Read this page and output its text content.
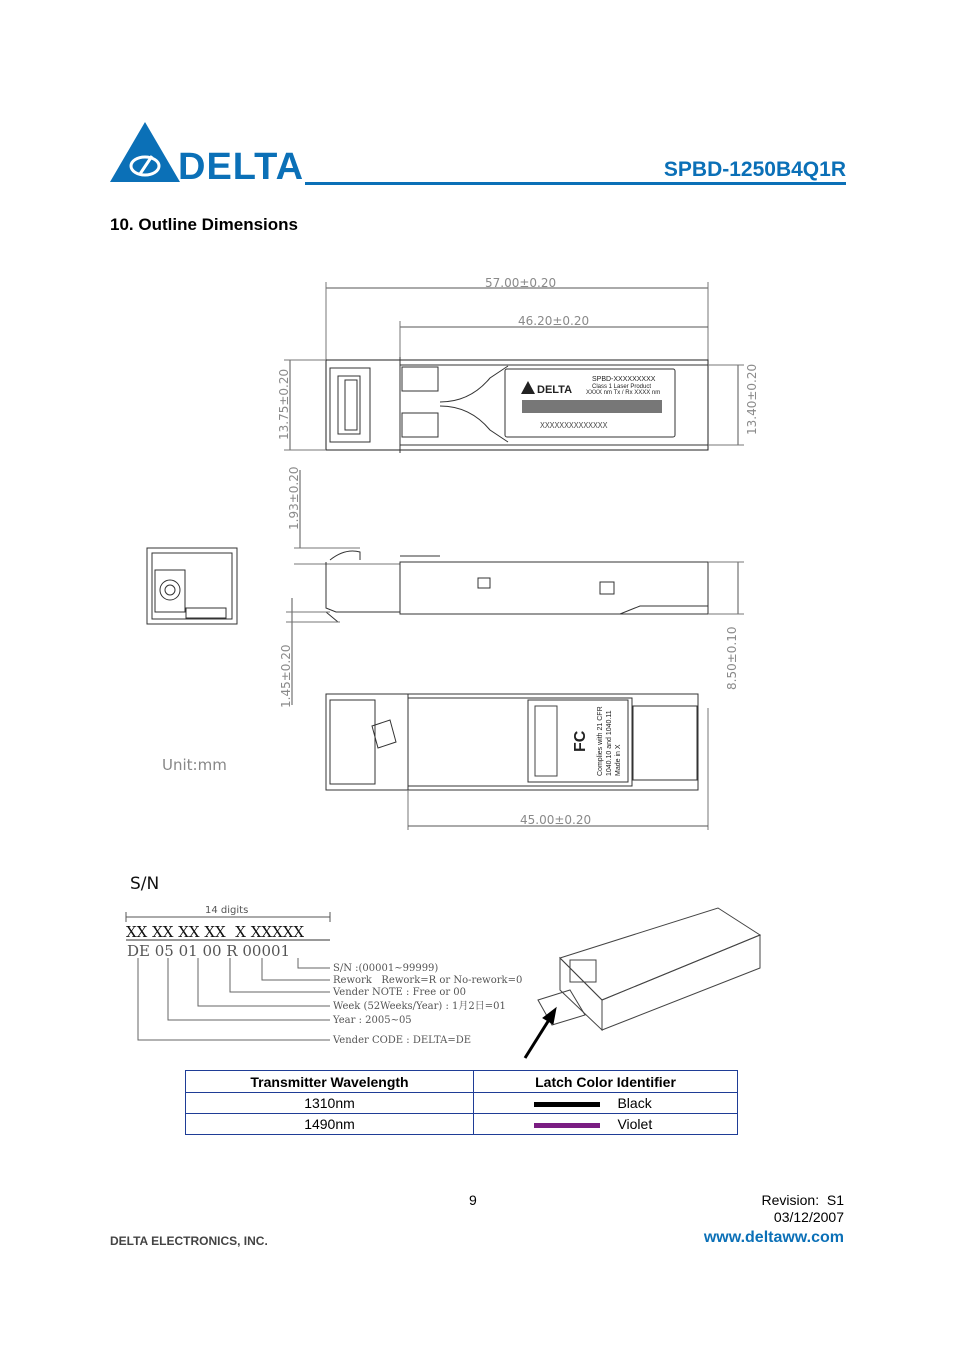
DELTA	SPBD-1250B4Q1R
10. Outline Dimensions
57.00±0.20
46.20±0.20
DELTA
SPBD-XXXXXXXXX
Class 1 Laser Product
XXXX nm Tx / Rx XXXX nm
XXXXXXXXXXXXXX
13.75±0.20	13.40±0.20
1.93±0.20
1.45±0.20	8.50±0.10
Complies with 21 CFR 1040.10 and 1040.11 Made in X
FC
45.00±0.20
Unit:mm
S/N
14 digits
XX XX XX XX  X XXXXX
DE 05 01 00 R 00001
S/N :(00001~99999)
Rework   Rework=R or No-rework=0
Vender NOTE : Free or 00
Week (52Weeks/Year) : 1月2日=01
Year : 2005~05
Vender CODE : DELTA=DE
Transmitter Wavelength	Latch Color Identifier
1310nm	Black
1490nm	Violet
9	Revision:  S1
03/12/2007
DELTA ELECTRONICS, INC.	www.deltaww.com
